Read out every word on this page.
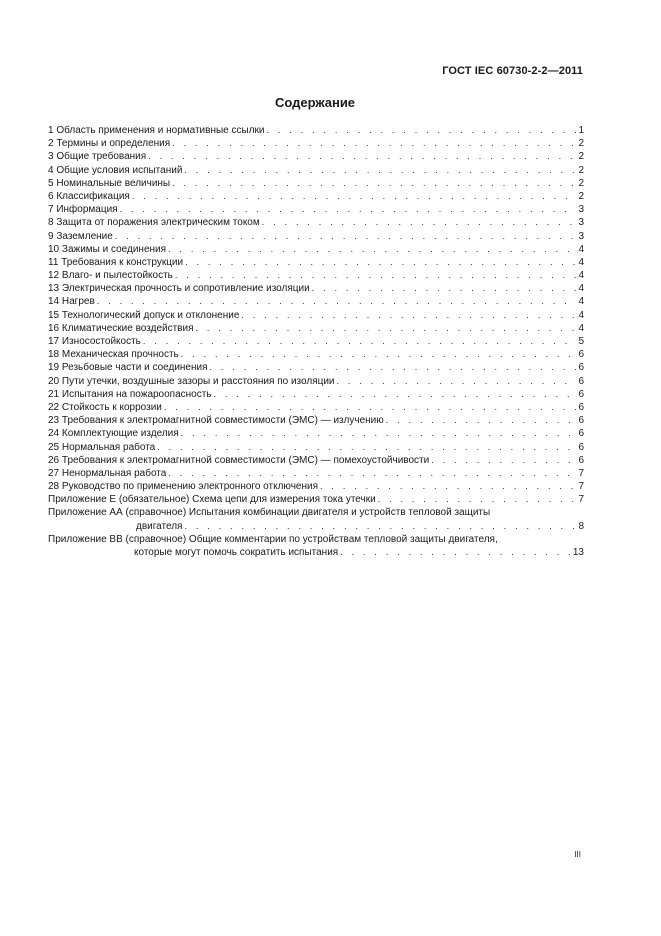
ГОСТ IEC 60730-2-2—2011
Содержание
1 Область применения и нормативные ссылки . . .	1
2 Термины и определения . . .	2
3 Общие требования . . .	2
4 Общие условия испытаний . . .	2
5 Номинальные величины . . .	2
6 Классификация . . .	2
7 Информация . . .	3
8 Защита от поражения электрическим током . . .	3
9 Заземление . . .	3
10 Зажимы и соединения . . .	4
11 Требования к конструкции . . .	4
12 Влаго- и пылестойкость . . .	4
13 Электрическая прочность и сопротивление изоляции . . .	4
14 Нагрев . . .	4
15 Технологический допуск и отклонение . . .	4
16 Климатические воздействия . . .	4
17 Износостойкость . . .	5
18 Механическая прочность . . .	6
19 Резьбовые части и соединения . . .	6
20 Пути утечки, воздушные зазоры и расстояния по изоляции . . .	6
21 Испытания на пожароопасность . . .	6
22 Стойкость к коррозии . . .	6
23 Требования к электромагнитной совместимости (ЭМС) — излучению . . .	6
24 Комплектующие изделия . . .	6
25 Нормальная работа . . .	6
26 Требования к электромагнитной совместимости (ЭМС) — помехоустойчивости . . .	6
27 Ненормальная работа . . .	7
28 Руководство по применению электронного отключения . . .	7
Приложение Е (обязательное) Схема цепи для измерения тока утечки . . .	7
Приложение АА (справочное) Испытания комбинации двигателя и устройств тепловой защиты
двигателя . . .	8
Приложение ВВ (справочное) Общие комментарии по устройствам тепловой защиты двигателя,
которые могут помочь сократить испытания . . .	13
III
